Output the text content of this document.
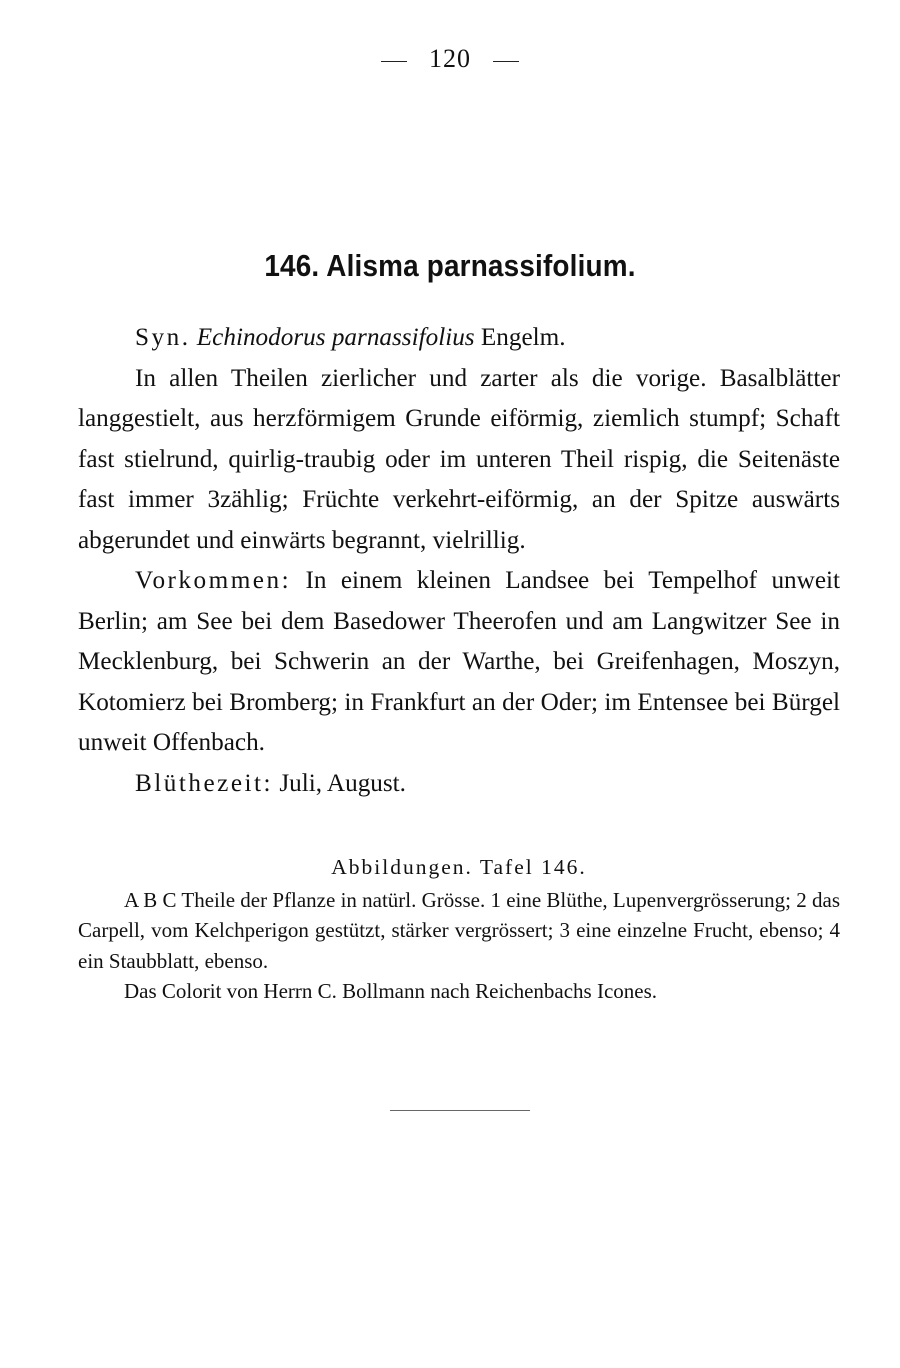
120
146. Alisma parnassifolium.

Syn. Echinodorus parnassifolius Engelm.

In allen Theilen zierlicher und zarter als die vorige. Basalblätter langgestielt, aus herzförmigem Grunde eiförmig, ziemlich stumpf; Schaft fast stielrund, quirlig-traubig oder im unteren Theil rispig, die Seitenäste fast immer 3zählig; Früchte verkehrt-eiförmig, an der Spitze auswärts abgerundet und einwärts begrannt, vielrillig.

Vorkommen: In einem kleinen Landsee bei Tempelhof unweit Berlin; am See bei dem Basedower Theerofen und am Langwitzer See in Mecklenburg, bei Schwerin an der Warthe, bei Greifenhagen, Moszyn, Kotomierz bei Bromberg; in Frankfurt an der Oder; im Entensee bei Bürgel unweit Offenbach.

Blüthezeit: Juli, August.

Abbildungen. Tafel 146.
A B C Theile der Pflanze in natürl. Grösse. 1 eine Blüthe, Lupenvergrösserung; 2 das Carpell, vom Kelchperigon gestützt, stärker vergrössert; 3 eine einzelne Frucht, ebenso; 4 ein Staubblatt, ebenso.
Das Colorit von Herrn C. Bollmann nach Reichenbachs Icones.
